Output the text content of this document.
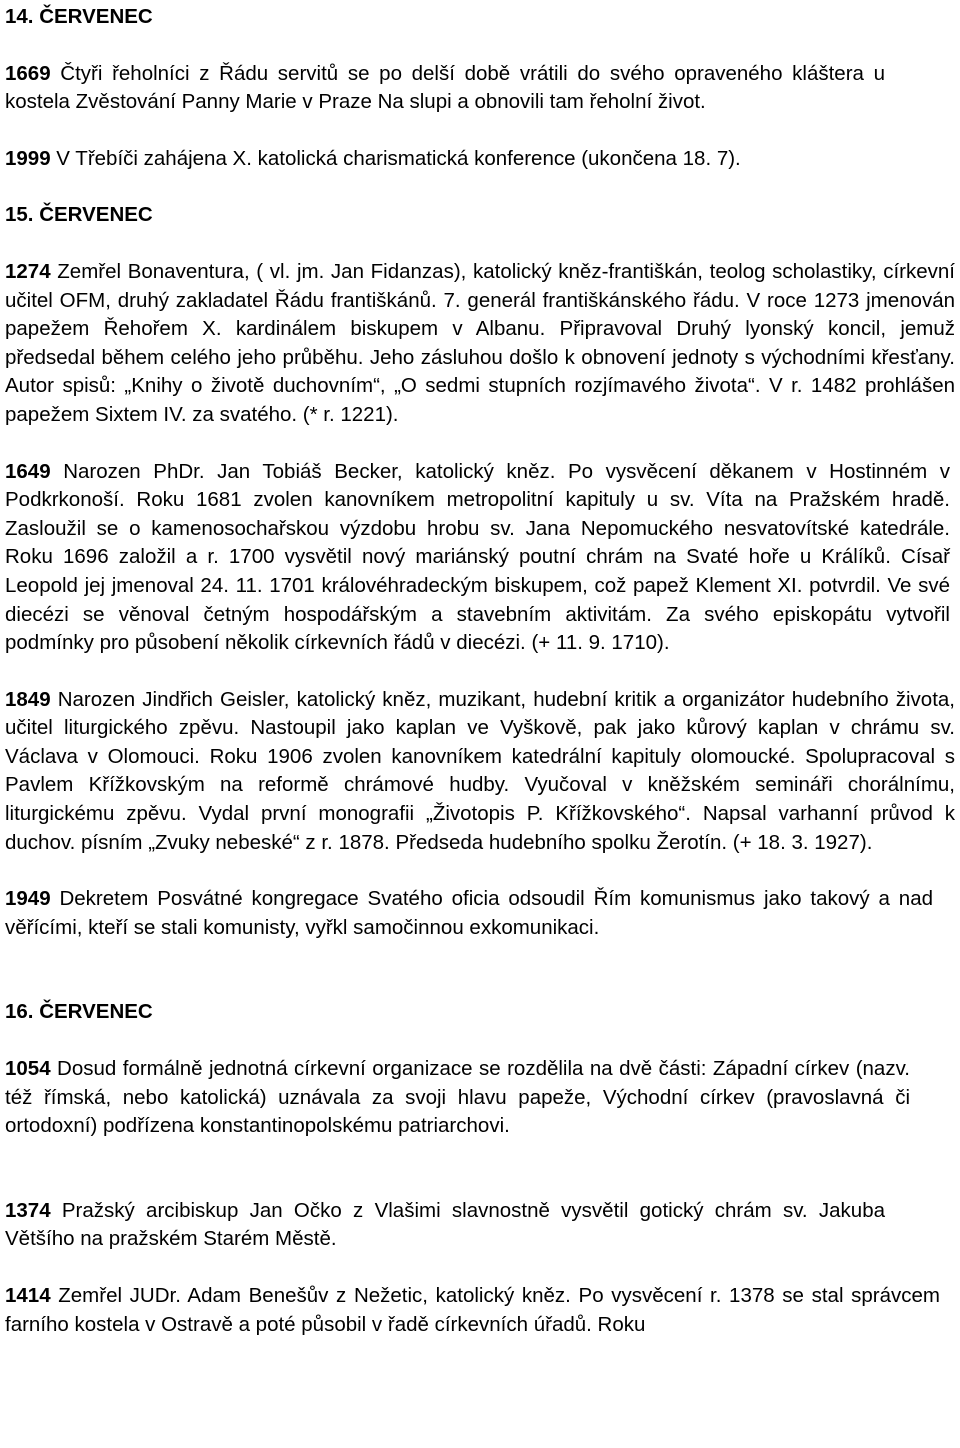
14. ČERVENEC

1669 Čtyři řeholníci z Řádu servitů se po delší době vrátili do svého opraveného kláštera u kostela Zvěstování Panny Marie v Praze Na slupi a obnovili tam řeholní život.

1999 V Třebíči zahájena X. katolická charismatická konference (ukončena 18. 7).

15. ČERVENEC

1274 Zemřel Bonaventura, ( vl. jm. Jan Fidanzas), katolický kněz-františkán, teolog scholastiky, církevní učitel OFM, druhý zakladatel Řádu františkánů. 7. generál františkánského řádu. V roce 1273 jmenován papežem Řehořem X. kardinálem biskupem v Albanu. Připravoval Druhý lyonský koncil, jemuž předsedal během celého jeho průběhu. Jeho zásluhou došlo k obnovení jednoty s východními křesťany. Autor spisů: „Knihy o životě duchovním“, „O sedmi stupních rozjímavého života“. V r. 1482 prohlášen papežem Sixtem IV. za svatého. (* r. 1221).

1649 Narozen PhDr. Jan Tobiáš Becker, katolický kněz. Po vysvěcení děkanem v Hostinném v Podkrkonoší. Roku 1681 zvolen kanovníkem metropolitní kapituly u sv. Víta na Pražském hradě. Zasloužil se o kamenosochařskou výzdobu hrobu sv. Jana Nepomuckého nesvatovítské katedrále. Roku 1696 založil a r. 1700 vysvětil nový mariánský poutní chrám na Svaté hoře u Králíků. Císař Leopold jej jmenoval 24. 11. 1701 královéhradeckým biskupem, což papež Klement XI. potvrdil. Ve své diecézi se věnoval četným hospodářským a stavebním aktivitám. Za svého episkopátu vytvořil podmínky pro působení několik církevních řádů v diecézi. (+ 11. 9. 1710).

1849 Narozen Jindřich Geisler, katolický kněz, muzikant, hudební kritik a organizátor hudebního života, učitel liturgického zpěvu. Nastoupil jako kaplan ve Vyškově, pak jako kůrový kaplan v chrámu sv. Václava v Olomouci. Roku 1906 zvolen kanovníkem katedrální kapituly olomoucké. Spolupracoval s Pavlem Křížkovským na reformě chrámové hudby. Vyučoval v kněžském semináři chorálnímu, liturgickému zpěvu. Vydal první monografii „Životopis P. Křížkovského“. Napsal varhanní průvod k duchov. písním „Zvuky nebeské“ z r. 1878. Předseda hudebního spolku Žerotín. (+ 18. 3. 1927).

1949 Dekretem Posvátné kongregace Svatého oficia odsoudil Řím komunismus jako takový a nad věřícími, kteří se stali komunisty, vyřkl samočinnou exkomunikaci.

16. ČERVENEC

1054 Dosud formálně jednotná církevní organizace se rozdělila na dvě části: Západní církev (nazv. též římská, nebo katolická) uznávala za svoji hlavu papeže, Východní církev (pravoslavná či ortodoxní) podřízena konstantinopolskému patriarchovi.

1374 Pražský arcibiskup Jan Očko z Vlašimi slavnostně vysvětil gotický chrám sv. Jakuba Většího na pražském Starém Městě.

1414 Zemřel JUDr. Adam Benešův z Nežetic, katolický kněz. Po vysvěcení r. 1378 se stal správcem farního kostela v Ostravě a poté působil v řadě církevních úřadů. Roku
